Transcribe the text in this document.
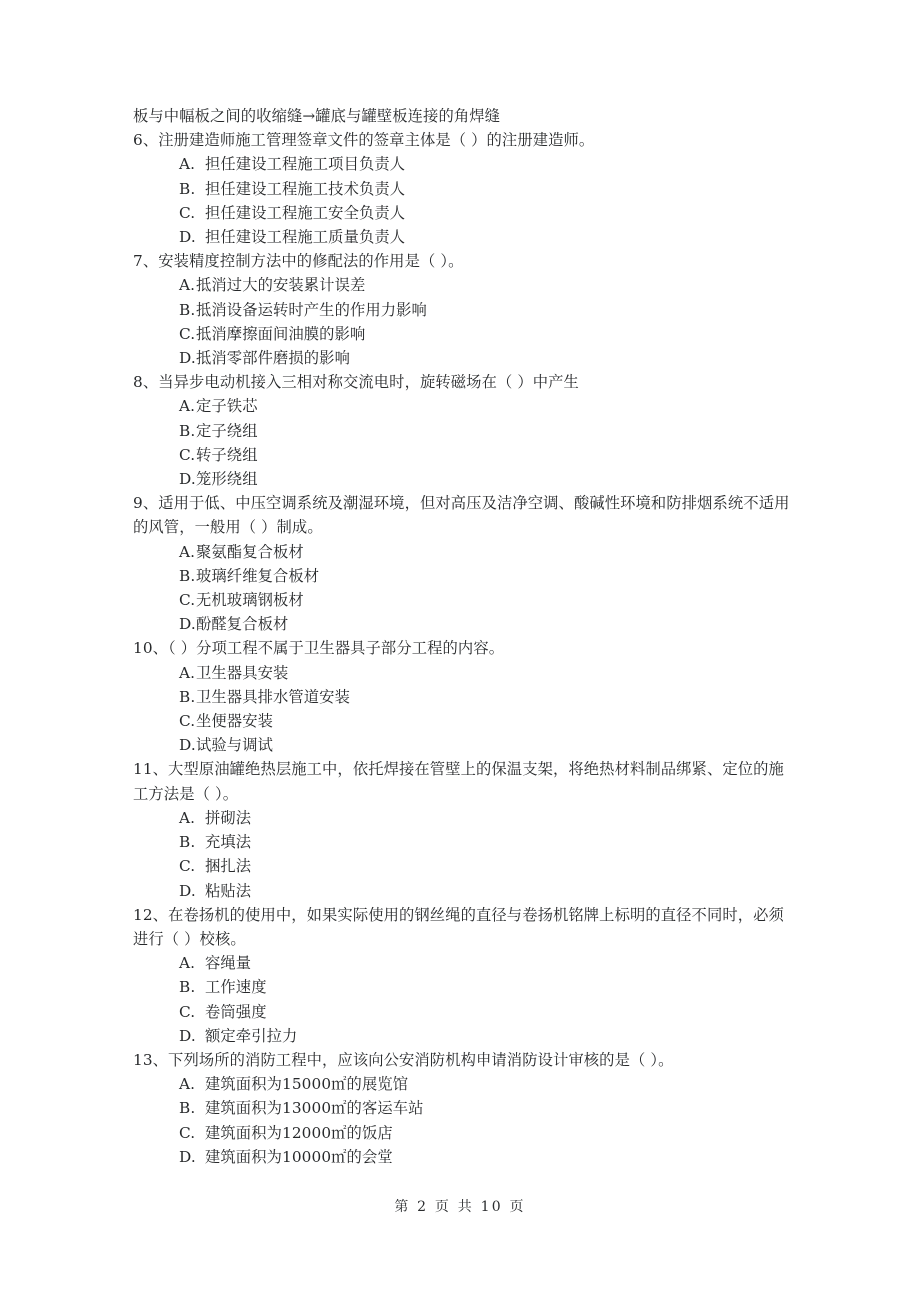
板与中幅板之间的收缩缝→罐底与罐壁板连接的角焊缝
6、注册建造师施工管理签章文件的签章主体是（ ）的注册建造师。
A. 担任建设工程施工项目负责人
B. 担任建设工程施工技术负责人
C. 担任建设工程施工安全负责人
D. 担任建设工程施工质量负责人
7、安装精度控制方法中的修配法的作用是（ ）。
A.抵消过大的安装累计误差
B.抵消设备运转时产生的作用力影响
C.抵消摩擦面间油膜的影响
D.抵消零部件磨损的影响
8、当异步电动机接入三相对称交流电时，旋转磁场在（ ）中产生
A.定子铁芯
B.定子绕组
C.转子绕组
D.笼形绕组
9、适用于低、中压空调系统及潮湿环境，但对高压及洁净空调、酸碱性环境和防排烟系统不适用的风管，一般用（ ）制成。
A.聚氨酯复合板材
B.玻璃纤维复合板材
C.无机玻璃钢板材
D.酚醛复合板材
10、（ ）分项工程不属于卫生器具子部分工程的内容。
A.卫生器具安装
B.卫生器具排水管道安装
C.坐便器安装
D.试验与调试
11、大型原油罐绝热层施工中，依托焊接在管壁上的保温支架，将绝热材料制品绑紧、定位的施工方法是（ ）。
A. 拼砌法
B. 充填法
C. 捆扎法
D. 粘贴法
12、在卷扬机的使用中，如果实际使用的钢丝绳的直径与卷扬机铭牌上标明的直径不同时，必须进行（ ）校核。
A. 容绳量
B. 工作速度
C. 卷筒强度
D. 额定牵引拉力
13、下列场所的消防工程中，应该向公安消防机构申请消防设计审核的是（ ）。
A. 建筑面积为15000㎡的展览馆
B. 建筑面积为13000㎡的客运车站
C. 建筑面积为12000㎡的饭店
D. 建筑面积为10000㎡的会堂
第 2 页 共 10 页
